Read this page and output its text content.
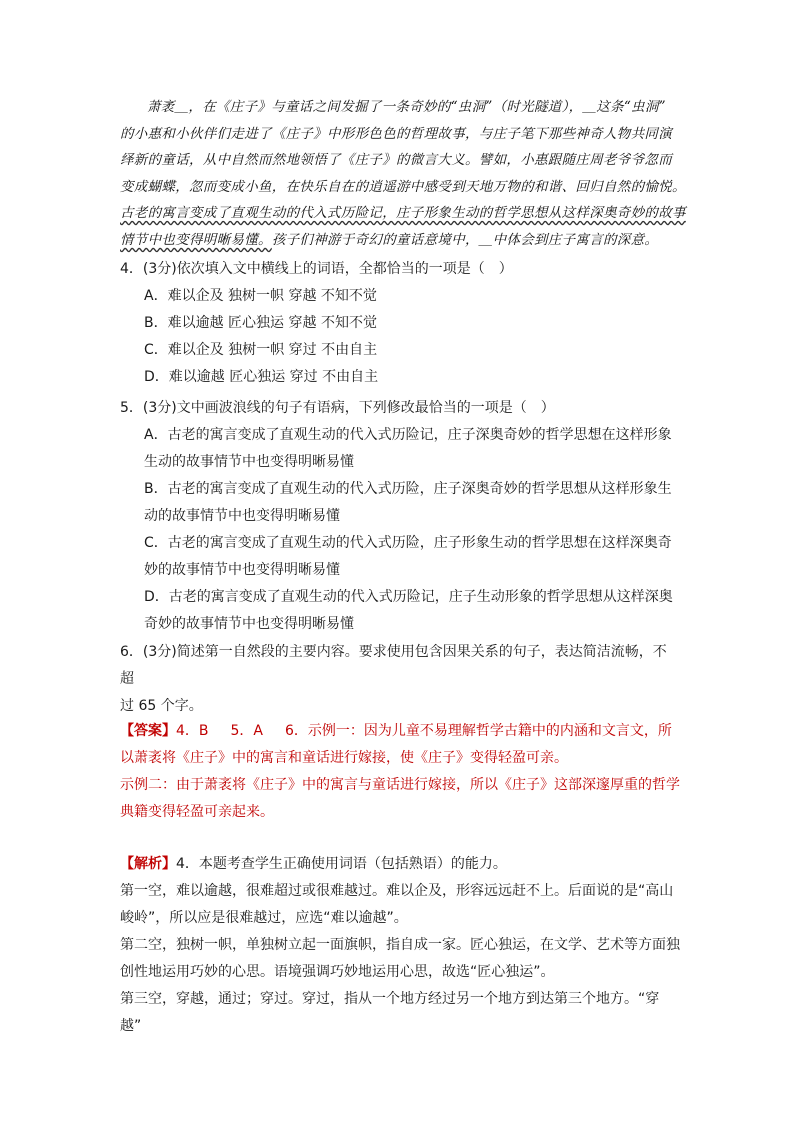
萧袤＿，在《庄子》与童话之间发掘了一条奇妙的“虫洞”（时光隧道），＿这条“虫洞”

的小惠和小伙伴们走进了《庄子》中形形色色的哲理故事，与庄子笔下那些神奇人物共同演
绎新的童话，从中自然而然地领悟了《庄子》的微言大义。譬如，小惠跟随庄周老爷爷忽而
变成蝴蝶，忽而变成小鱼，在快乐自在的逍遥游中感受到天地万物的和谐、回归自然的愉悦。
古老的寓言变成了直观生动的代入式历险记，庄子形象生动的哲学思想从这样深奥奇妙的故事
情节中也变得明晰易懂。孩子们神游于奇幻的童话意境中，＿中体会到庄子寓言的深意。
4．(3分)依次填入文中横线上的词语，全都恰当的一项是（　）
A．难以企及 独树一帜 穿越 不知不觉
B．难以逾越 匠心独运 穿越 不知不觉
C．难以企及 独树一帜 穿过 不由自主
D．难以逾越 匠心独运 穿过 不由自主
5．(3分)文中画波浪线的句子有语病，下列修改最恰当的一项是（　）
A．古老的寓言变成了直观生动的代入式历险记，庄子深奥奇妙的哲学思想在这样形象
生动的故事情节中也变得明晰易懂
B．古老的寓言变成了直观生动的代入式历险，庄子深奥奇妙的哲学思想从这样形象生
动的故事情节中也变得明晰易懂
C．古老的寓言变成了直观生动的代入式历险，庄子形象生动的哲学思想在这样深奥奇
妙的故事情节中也变得明晰易懂
D．古老的寓言变成了直观生动的代入式历险记，庄子生动形象的哲学思想从这样深奥
奇妙的故事情节中也变得明晰易懂
6．(3分)简述第一自然段的主要内容。要求使用包含因果关系的句子，表达简洁流畅，不超
过 65 个字。
【答案】4．B 5．A 6．示例一：因为儿童不易理解哲学古籍中的内涵和文言文，所
以萧袤将《庄子》中的寓言和童话进行嫁接，使《庄子》变得轻盈可亲。
示例二：由于萧袤将《庄子》中的寓言与童话进行嫁接，所以《庄子》这部深邃厚重的哲学
典籍变得轻盈可亲起来。
【解析】4．本题考查学生正确使用词语（包括熟语）的能力。
第一空，难以逾越，很难超过或很难越过。难以企及，形容远远赶不上。后面说的是“高山
峻岭”，所以应是很难越过，应选“难以逾越”。
第二空，独树一帜，单独树立起一面旗帜，指自成一家。匠心独运，在文学、艺术等方面独
创性地运用巧妙的心思。语境强调巧妙地运用心思，故选“匠心独运”。
第三空，穿越，通过；穿过。穿过，指从一个地方经过另一个地方到达第三个地方。“穿越”
